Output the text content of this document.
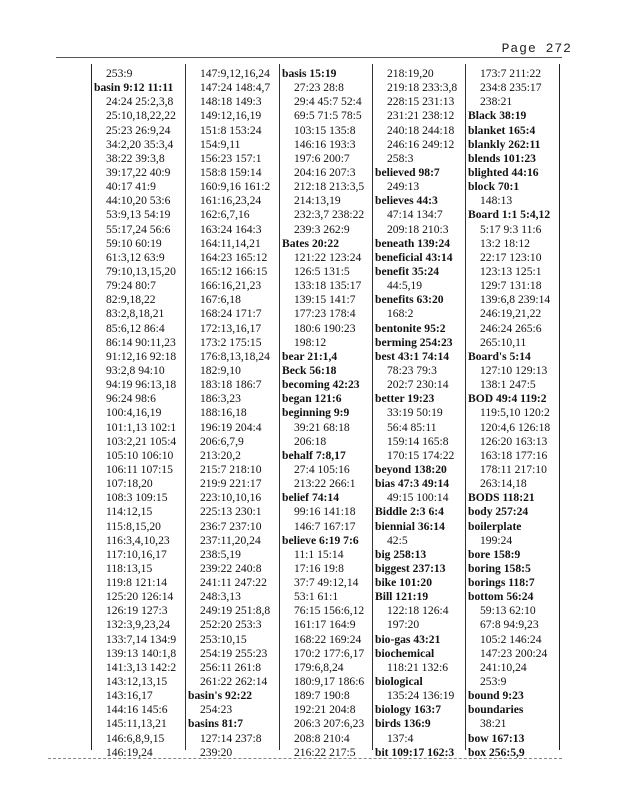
Page 272
253:9
basin 9:12 11:11
24:24 25:2,3,8
25:10,18,22,22
25:23 26:9,24
34:2,20 35:3,4
38:22 39:3,8
39:17,22 40:9
40:17 41:9
44:10,20 53:6
53:9,13 54:19
55:17,24 56:6
59:10 60:19
61:3,12 63:9
79:10,13,15,20
79:24 80:7
82:9,18,22
83:2,8,18,21
85:6,12 86:4
86:14 90:11,23
91:12,16 92:18
93:2,8 94:10
94:19 96:13,18
96:24 98:6
100:4,16,19
101:1,13 102:1
103:2,21 105:4
105:10 106:10
106:11 107:15
107:18,20
108:3 109:15
114:12,15
115:8,15,20
116:3,4,10,23
117:10,16,17
118:13,15
119:8 121:14
125:20 126:14
126:19 127:3
132:3,9,23,24
133:7,14 134:9
139:13 140:1,8
141:3,13 142:2
143:12,13,15
143:16,17
144:16 145:6
145:11,13,21
146:6,8,9,15
146:19,24
147:9,12,16,24
147:24 148:4,7
148:18 149:3
149:12,16,19
151:8 153:24
154:9,11
156:23 157:1
158:8 159:14
160:9,16 161:2
161:16,23,24
162:6,7,16
163:24 164:3
164:11,14,21
164:23 165:12
165:12 166:15
166:16,21,23
167:6,18
168:24 171:7
172:13,16,17
173:2 175:15
176:8,13,18,24
182:9,10
183:18 186:7
186:3,23
188:16,18
196:19 204:4
206:6,7,9
213:20,2
215:7 218:10
219:9 221:17
223:10,10,16
225:13 230:1
236:7 237:10
237:11,20,24
238:5,19
239:22 240:8
241:11 247:22
248:3,13
249:19 251:8,8
252:20 253:3
253:10,15
254:19 255:23
256:11 261:8
261:22 262:14
basin's 92:22
254:23
basins 81:7
127:14 237:8
239:20
basis 15:19
27:23 28:8
29:4 45:7 52:4
69:5 71:5 78:5
103:15 135:8
146:16 193:3
197:6 200:7
204:16 207:3
212:18 213:3,5
214:13,19
232:3,7 238:22
239:3 262:9
Bates 20:22
121:22 123:24
126:5 131:5
133:18 135:17
139:15 141:7
177:23 178:4
180:6 190:23
198:12
bear 21:1,4
Beck 56:18
becoming 42:23
began 121:6
beginning 9:9
39:21 68:18
206:18
behalf 7:8,17
27:4 105:16
213:22 266:1
belief 74:14
99:16 141:18
146:7 167:17
believe 6:19 7:6
11:1 15:14
17:16 19:8
37:7 49:12,14
53:1 61:1
76:15 156:6,12
161:17 164:9
168:22 169:24
170:2 177:6,17
179:6,8,24
180:9,17 186:6
189:7 190:8
192:21 204:8
206:3 207:6,23
208:8 210:4
216:22 217:5
218:19,20
219:18 233:3,8
228:15 231:13
231:21 238:12
240:18 244:18
246:16 249:12
258:3
believed 98:7
249:13
believes 44:3
47:14 134:7
209:18 210:3
beneath 139:24
beneficial 43:14
benefit 35:24
44:5,19
benefits 63:20
168:2
bentonite 95:2
berming 254:23
best 43:1 74:14
78:23 79:3
202:7 230:14
better 19:23
33:19 50:19
56:4 85:11
159:14 165:8
170:15 174:22
beyond 138:20
bias 47:3 49:14
49:15 100:14
Biddle 2:3 6:4
biennial 36:14
42:5
big 258:13
biggest 237:13
bike 101:20
Bill 121:19
122:18 126:4
197:20
bio-gas 43:21
biochemical
118:21 132:6
biological
135:24 136:19
biology 163:7
birds 136:9
137:4
bit 109:17 162:3
173:7 211:22
234:8 235:17
238:21
Black 38:19
blanket 165:4
blankly 262:11
blends 101:23
blighted 44:16
block 70:1
148:13
Board 1:1 5:4,12
5:17 9:3 11:6
13:2 18:12
22:17 123:10
123:13 125:1
129:7 131:18
139:6,8 239:14
246:19,21,22
246:24 265:6
265:10,11
Board's 5:14
127:10 129:13
138:1 247:5
BOD 49:4 119:2
119:5,10 120:2
120:4,6 126:18
126:20 163:13
163:18 177:16
178:11 217:10
263:14,18
BODS 118:21
body 257:24
boilerplate
199:24
bore 158:9
boring 158:5
borings 118:7
bottom 56:24
59:13 62:10
67:8 94:9,23
105:2 146:24
147:23 200:24
241:10,24
253:9
bound 9:23
boundaries
38:21
bow 167:13
box 256:5,9
